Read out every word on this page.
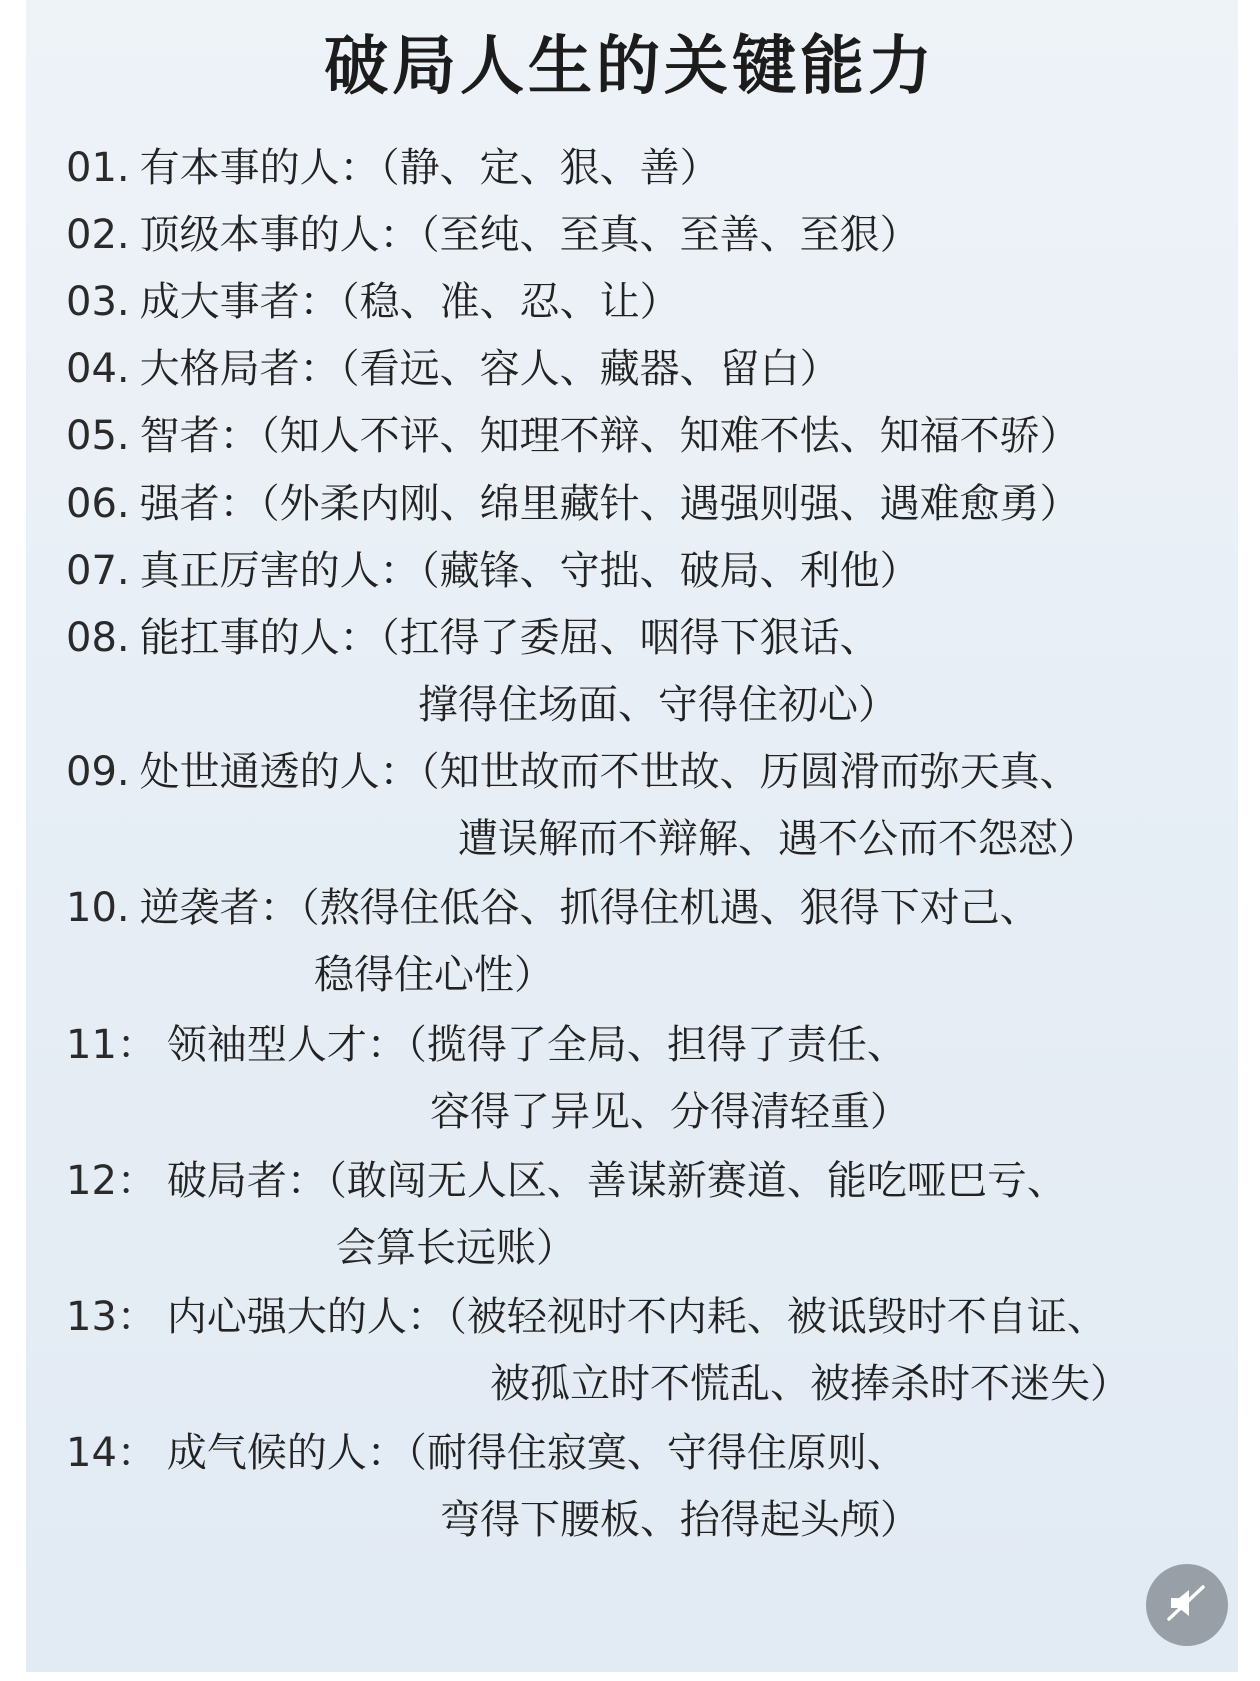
破局人生的关键能力
01. 有本事的人：（静、定、狠、善）
02. 顶级本事的人：（至纯、至真、至善、至狠）
03. 成大事者：（稳、准、忍、让）
04. 大格局者：（看远、容人、藏器、留白）
05. 智者：（知人不评、知理不辩、知难不怯、知福不骄）
06. 强者：（外柔内刚、绵里藏针、遇强则强、遇难愈勇）
07. 真正厉害的人：（藏锋、守拙、破局、利他）
08. 能扛事的人：（扛得了委屈、咽得下狠话、
撑得住场面、守得住初心）
09. 处世通透的人：（知世故而不世故、历圆滑而弥天真、
遭误解而不辩解、遇不公而不怨怼）
10. 逆袭者：（熬得住低谷、抓得住机遇、狠得下对己、
稳得住心性）
11： 领袖型人才：（揽得了全局、担得了责任、
容得了异见、分得清轻重）
12： 破局者：（敢闯无人区、善谋新赛道、能吃哑巴亏、
会算长远账）
13： 内心强大的人：（被轻视时不内耗、被诋毁时不自证、
被孤立时不慌乱、被捧杀时不迷失）
14： 成气候的人：（耐得住寂寞、守得住原则、
弯得下腰板、抬得起头颅）
